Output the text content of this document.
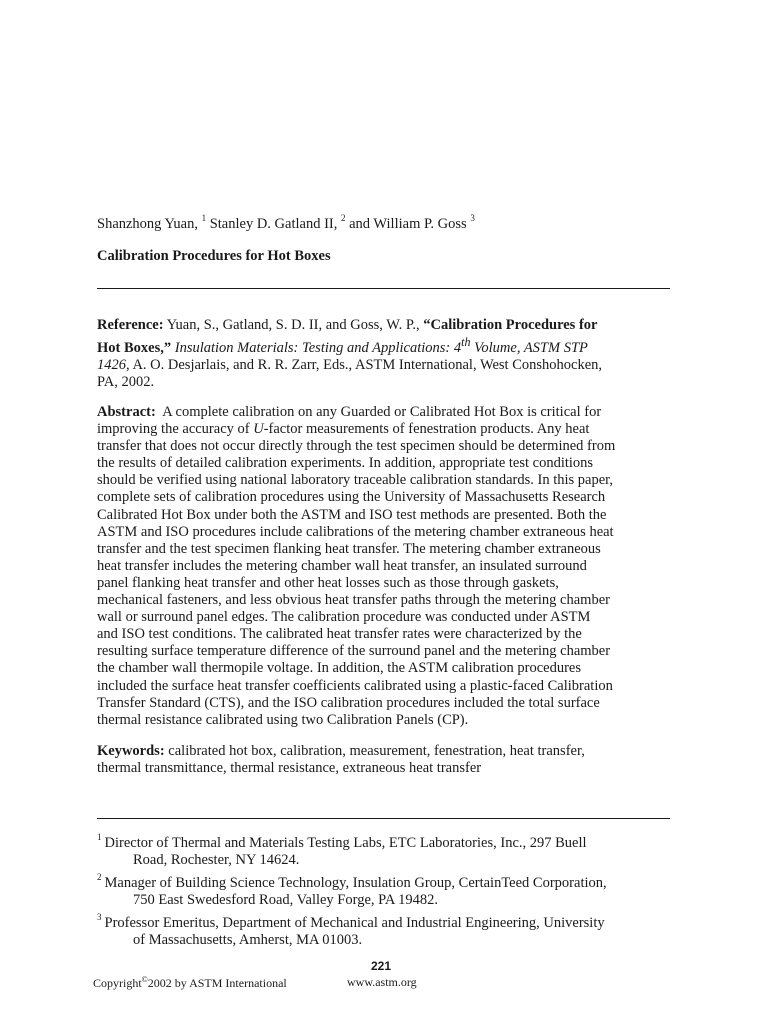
Shanzhong Yuan, $^1$ Stanley D. Gatland II, $^2$ and William P. Goss $^3$
Calibration Procedures for Hot Boxes
Reference: Yuan, S., Gatland, S. D. II, and Goss, W. P., “Calibration Procedures for
Hot Boxes,” Insulation Materials: Testing and Applications: 4th Volume, ASTM STP
1426, A. O. Desjarlais, and R. R. Zarr, Eds., ASTM International, West Conshohocken,
PA, 2002.
Abstract: A complete calibration on any Guarded or Calibrated Hot Box is critical for
improving the accuracy of U-factor measurements of fenestration products. Any heat
transfer that does not occur directly through the test specimen should be determined from
the results of detailed calibration experiments. In addition, appropriate test conditions
should be verified using national laboratory traceable calibration standards. In this paper,
complete sets of calibration procedures using the University of Massachusetts Research
Calibrated Hot Box under both the ASTM and ISO test methods are presented. Both the
ASTM and ISO procedures include calibrations of the metering chamber extraneous heat
transfer and the test specimen flanking heat transfer. The metering chamber extraneous
heat transfer includes the metering chamber wall heat transfer, an insulated surround
panel flanking heat transfer and other heat losses such as those through gaskets,
mechanical fasteners, and less obvious heat transfer paths through the metering chamber
wall or surround panel edges. The calibration procedure was conducted under ASTM
and ISO test conditions. The calibrated heat transfer rates were characterized by the
resulting surface temperature difference of the surround panel and the metering chamber
the chamber wall thermopile voltage. In addition, the ASTM calibration procedures
included the surface heat transfer coefficients calibrated using a plastic-faced Calibration
Transfer Standard (CTS), and the ISO calibration procedures included the total surface
thermal resistance calibrated using two Calibration Panels (CP).
Keywords: calibrated hot box, calibration, measurement, fenestration, heat transfer,
thermal transmittance, thermal resistance, extraneous heat transfer
$^1$ Director of Thermal and Materials Testing Labs, ETC Laboratories, Inc., 297 Buell
Road, Rochester, NY 14624.
$^2$ Manager of Building Science Technology, Insulation Group, CertainTeed Corporation,
750 East Swedesford Road, Valley Forge, PA 19482.
$^3$ Professor Emeritus, Department of Mechanical and Industrial Engineering, University
of Massachusetts, Amherst, MA 01003.
221
Copyright©2002 by ASTM International	www.astm.org
